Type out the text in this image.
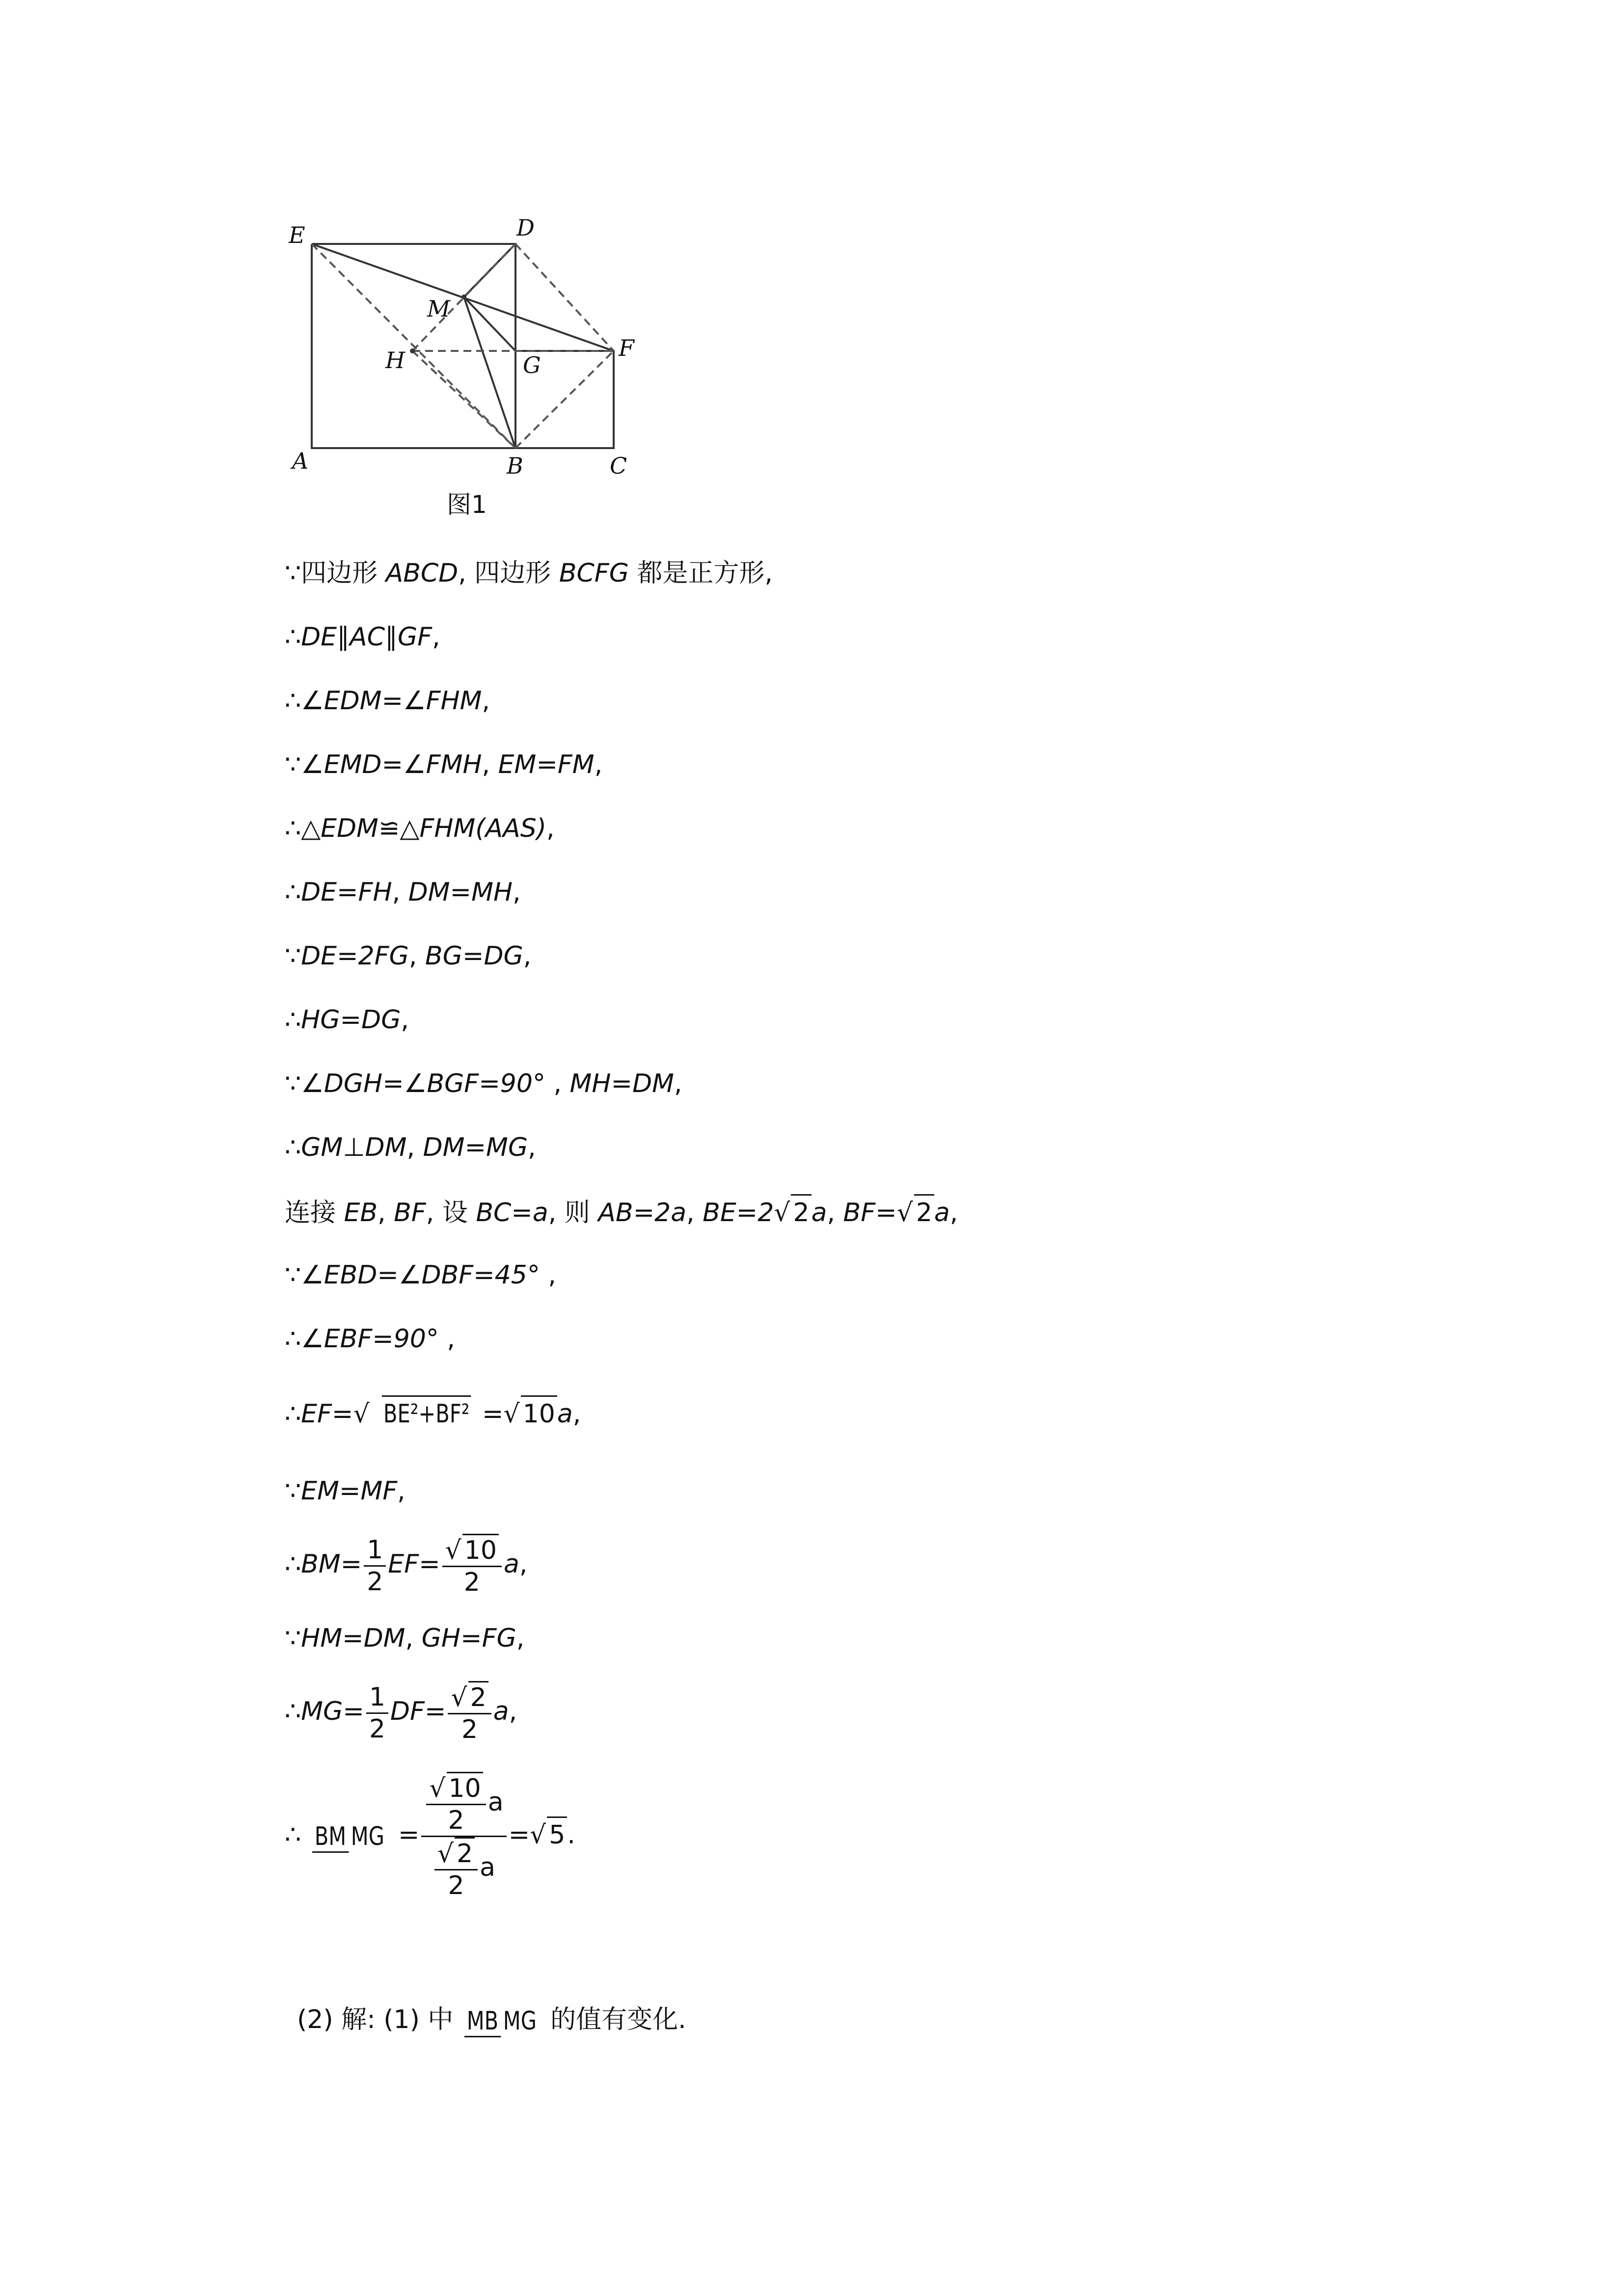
E	D
M
H	G
F
A	B	C
图1
∵四边形 ABCD, 四边形 BCFG 都是正方形,
∴DE∥AC∥GF,
∴∠EDM=∠FHM,
∵∠EMD=∠FMH, EM=FM,
∴△EDM≌△FHM(AAS),
∴DE=FH, DM=MH,
∵DE=2FG, BG=DG,
∴HG=DG,
∵∠DGH=∠BGF=90° , MH=DM,
∴GM⊥DM, DM=MG,
连接 EB, BF, 设 BC=a, 则 AB=2a, BE=2√ 2a, BF=√ 2a,
∵∠EBD=∠DBF=45° ,
∴∠EBF=90° ,
∴EF=√ BE²+BF² =√ 10a,
∵EM=MF,
∴BM= $\frac{1}{2} EF= \frac{√ 10}{2} a$,
∵HM=DM, GH=FG,
∴MG= $\frac{1}{2} DF= \frac{√ 2}{2} a$,
∴ BM MG = $\frac{\frac{√ 10}{2} a}{\frac{√ 2}{2} a}$ =√ 5.
(2) 解: (1) 中 MB MG 的值有变化.
